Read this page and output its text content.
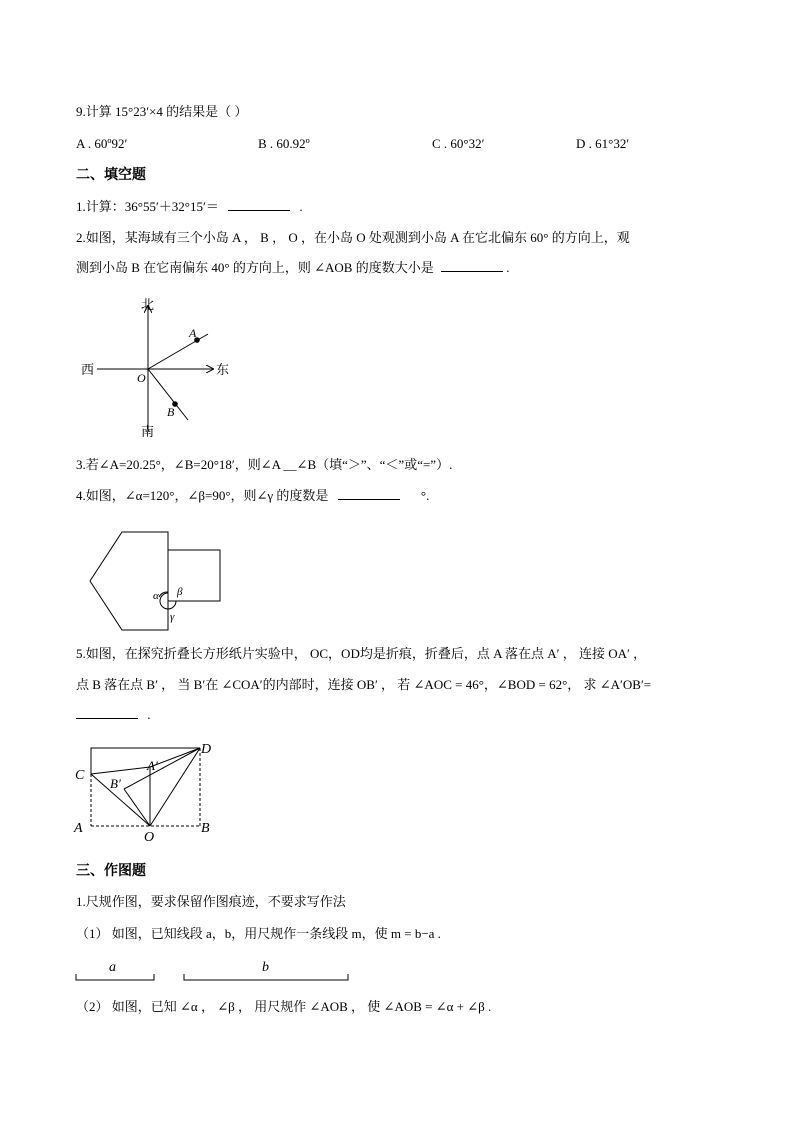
9.计算 15°23′×4 的结果是（ ）
A . 60º92′	B . 60.92º	C . 60°32′	D . 61°32′
二、填空题
1.计算：36°55′＋32°15′＝	.
2.如图，某海域有三个小岛 A ， B ， O ，在小岛 O 处观测到小岛 A 在它北偏东 60° 的方向上，观
测到小岛 B 在它南偏东 40° 的方向上，则 ∠AOB 的度数大小是	.
北
南
东
西
O
A
B
3.若∠A=20.25°，∠B=20°18′，则∠A __∠B（填“＞”、“＜”或“=”）.
4.如图，∠α=120°，∠β=90°，则∠γ 的度数是	°.
α β
γ
5.如图，在探究折叠长方形纸片实验中， OC，OD均是折痕，折叠后，点 A 落在点 A′ ， 连接 OA′ ，
点 B 落在点 B′ ， 当 B′在 ∠COA′的内部时，连接 OB′ ， 若 ∠AOC = 46°，∠BOD = 62°， 求 ∠A′OB′=
.
C
D
A	B
O
A′
B′
三、作图题
1.尺规作图，要求保留作图痕迹，不要求写作法
（1） 如图，已知线段 a，b，用尺规作一条线段 m，使 m = b−a .
a	b
（2） 如图，已知 ∠α ， ∠β ， 用尺规作 ∠AOB ， 使 ∠AOB = ∠α + ∠β .
